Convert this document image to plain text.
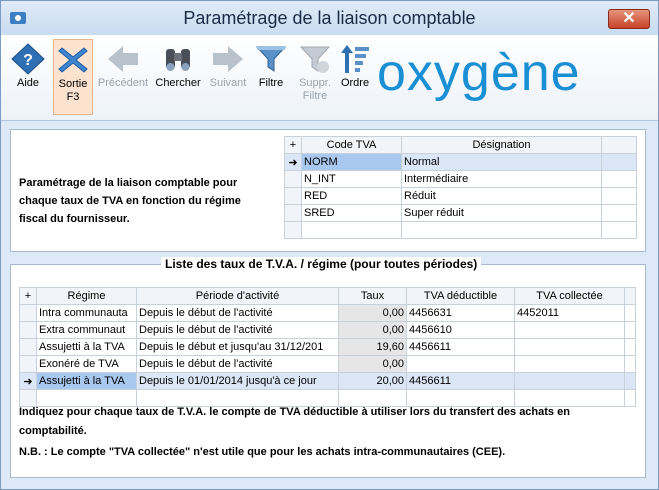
Paramétrage de la liaison comptable	✕
?
Aide	Sortie
F3
Précédent Chercher Suivant	Filtre	Suppr.
Filtre
Ordre oxygène
Paramétrage de la liaison comptable pour chaque taux de TVA en fonction du régime fiscal du fournisseur.
+	Code TVA	Désignation	
➜	NORM	Normal	
	N_INT	Intermédiaire	
	RED	Réduit	
	SRED	Super réduit	

Liste des taux de T.V.A. / régime (pour toutes périodes)
+	Régime	Période d'activité	Taux	TVA déductible	TVA collectée	
	Intra communauta	Depuis le début de l'activité	0,00	4456631	4452011	
	Extra communaut	Depuis le début de l'activité	0,00	4456610		
	Assujetti à la TVA	Depuis le début et jusqu'au 31/12/201	19,60	4456611		
	Exonéré de TVA	Depuis le début de l'activité	0,00			
➜	Assujetti à la TVA	Depuis le 01/01/2014 jusqu'à ce jour	20,00	4456611		

Indiquez pour chaque taux de T.V.A. le compte de TVA déductible à utiliser lors du transfert des achats en comptabilité.
N.B. : Le compte "TVA collectée" n'est utile que pour les achats intra-communautaires (CEE).
